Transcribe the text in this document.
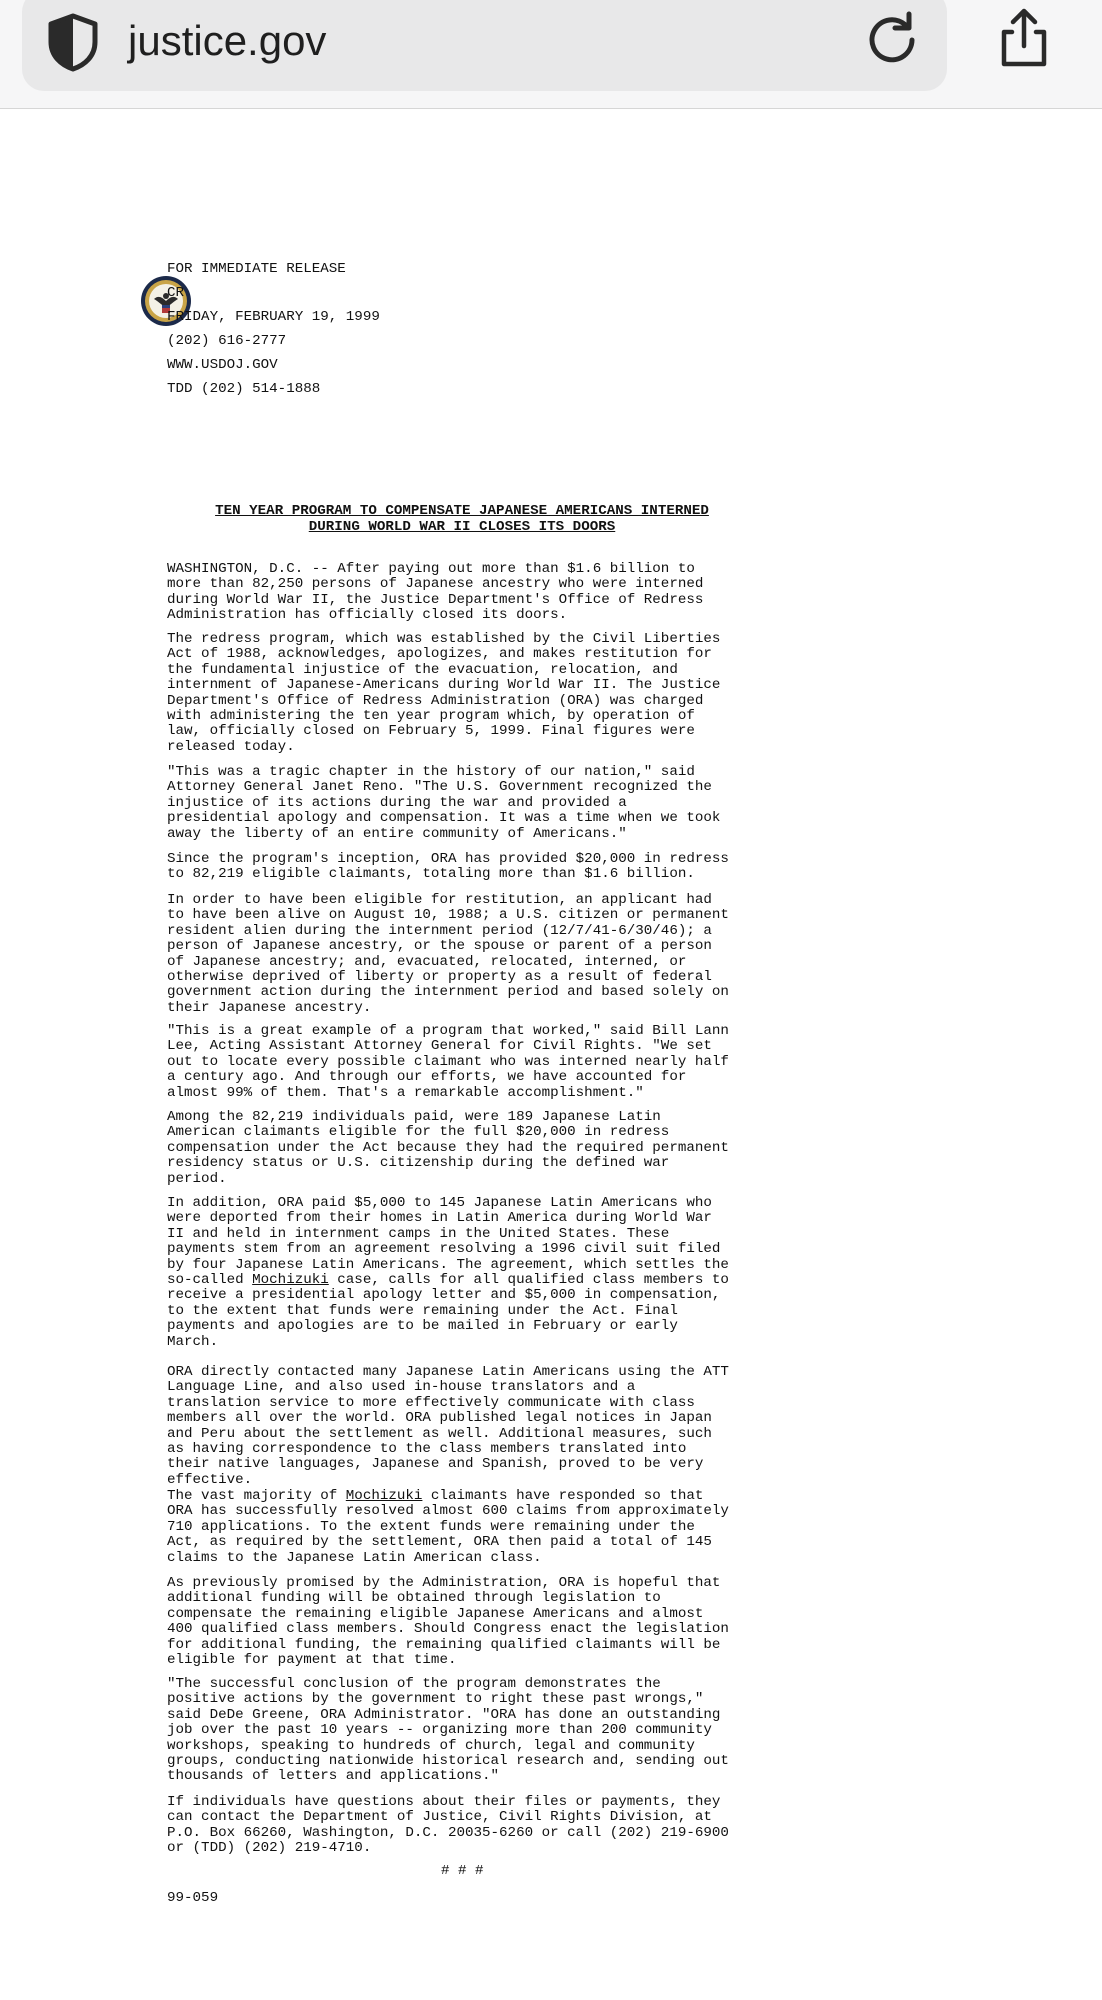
justice.gov
FOR IMMEDIATE RELEASE
CR
FRIDAY, FEBRUARY 19, 1999
(202) 616-2777
WWW.USDOJ.GOV
TDD (202) 514-1888
TEN YEAR PROGRAM TO COMPENSATE JAPANESE AMERICANS INTERNED
DURING WORLD WAR II CLOSES ITS DOORS
WASHINGTON, D.C. -- After paying out more than $1.6 billion to
more than 82,250 persons of Japanese ancestry who were interned
during World War II, the Justice Department's Office of Redress
Administration has officially closed its doors.
The redress program, which was established by the Civil Liberties
Act of 1988, acknowledges, apologizes, and makes restitution for
the fundamental injustice of the evacuation, relocation, and
internment of Japanese-Americans during World War II. The Justice
Department's Office of Redress Administration (ORA) was charged
with administering the ten year program which, by operation of
law, officially closed on February 5, 1999. Final figures were
released today.
"This was a tragic chapter in the history of our nation," said
Attorney General Janet Reno. "The U.S. Government recognized the
injustice of its actions during the war and provided a
presidential apology and compensation. It was a time when we took
away the liberty of an entire community of Americans."
Since the program's inception, ORA has provided $20,000 in redress
to 82,219 eligible claimants, totaling more than $1.6 billion.
In order to have been eligible for restitution, an applicant had
to have been alive on August 10, 1988; a U.S. citizen or permanent
resident alien during the internment period (12/7/41-6/30/46); a
person of Japanese ancestry, or the spouse or parent of a person
of Japanese ancestry; and, evacuated, relocated, interned, or
otherwise deprived of liberty or property as a result of federal
government action during the internment period and based solely on
their Japanese ancestry.
"This is a great example of a program that worked," said Bill Lann
Lee, Acting Assistant Attorney General for Civil Rights. "We set
out to locate every possible claimant who was interned nearly half
a century ago. And through our efforts, we have accounted for
almost 99% of them. That's a remarkable accomplishment."
Among the 82,219 individuals paid, were 189 Japanese Latin
American claimants eligible for the full $20,000 in redress
compensation under the Act because they had the required permanent
residency status or U.S. citizenship during the defined war
period.
In addition, ORA paid $5,000 to 145 Japanese Latin Americans who
were deported from their homes in Latin America during World War
II and held in internment camps in the United States. These
payments stem from an agreement resolving a 1996 civil suit filed
by four Japanese Latin Americans. The agreement, which settles the
so-called Mochizuki case, calls for all qualified class members to
receive a presidential apology letter and $5,000 in compensation,
to the extent that funds were remaining under the Act. Final
payments and apologies are to be mailed in February or early
March.
ORA directly contacted many Japanese Latin Americans using the ATT
Language Line, and also used in-house translators and a
translation service to more effectively communicate with class
members all over the world. ORA published legal notices in Japan
and Peru about the settlement as well. Additional measures, such
as having correspondence to the class members translated into
their native languages, Japanese and Spanish, proved to be very
effective.
The vast majority of Mochizuki claimants have responded so that
ORA has successfully resolved almost 600 claims from approximately
710 applications. To the extent funds were remaining under the
Act, as required by the settlement, ORA then paid a total of 145
claims to the Japanese Latin American class.
As previously promised by the Administration, ORA is hopeful that
additional funding will be obtained through legislation to
compensate the remaining eligible Japanese Americans and almost
400 qualified class members. Should Congress enact the legislation
for additional funding, the remaining qualified claimants will be
eligible for payment at that time.
"The successful conclusion of the program demonstrates the
positive actions by the government to right these past wrongs,"
said DeDe Greene, ORA Administrator. "ORA has done an outstanding
job over the past 10 years -- organizing more than 200 community
workshops, speaking to hundreds of church, legal and community
groups, conducting nationwide historical research and, sending out
thousands of letters and applications."
If individuals have questions about their files or payments, they
can contact the Department of Justice, Civil Rights Division, at
P.O. Box 66260, Washington, D.C. 20035-6260 or call (202) 219-6900
or (TDD) (202) 219-4710.
# # #
99-059
